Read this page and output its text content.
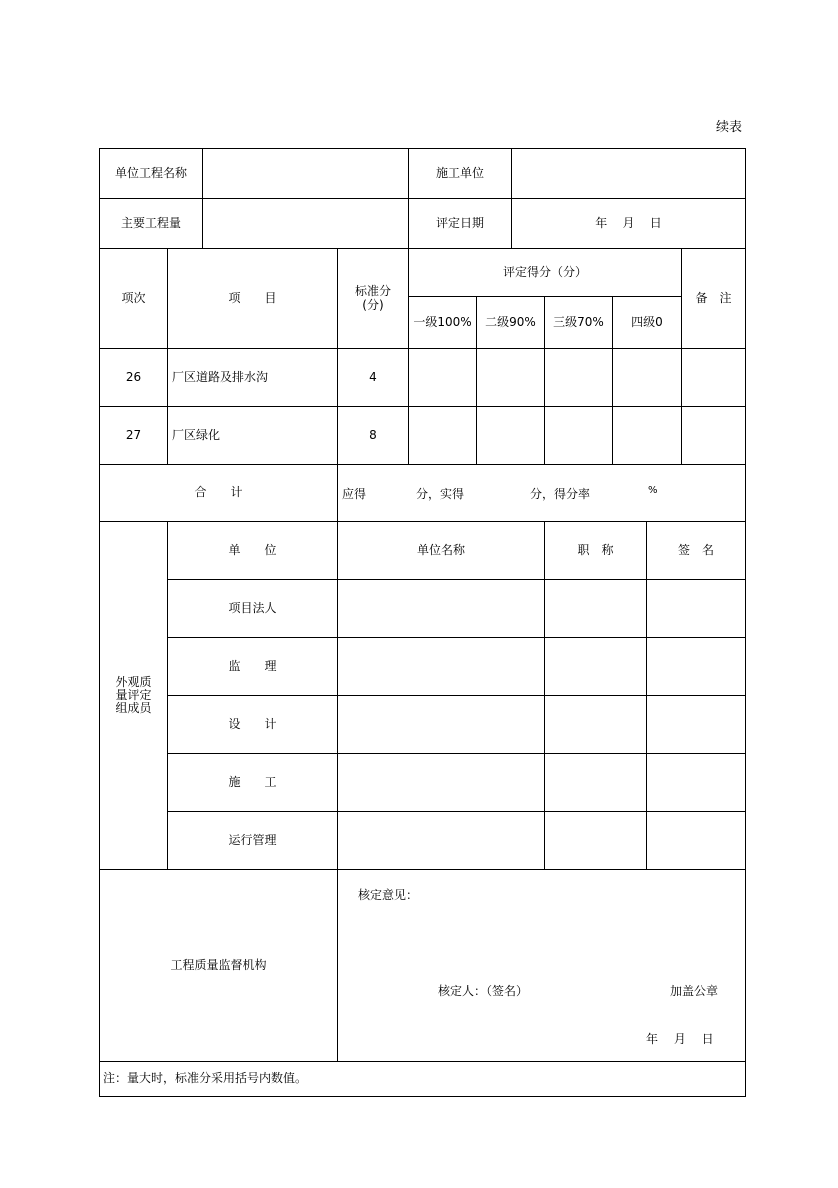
续表
单位工程名称	施工单位
主要工程量	评定日期	年    月    日
项次	项　　目	标准分
(分)
评定得分（分）
一级100%	二级90%	三级70%	四级0
备　注
26	厂区道路及排水沟	4
27	厂区绿化	8
合　　计	应得	分，实得	分，得分率	%
外观质
量评定
组成员
单　　位	单位名称	职　称	签　名
项目法人
监　　理
设　　计
施　　工
运行管理
工程质量监督机构
核定意见：
核定人：（签名）	加盖公章
年　 月　 日
注：量大时，标准分采用括号内数值。
